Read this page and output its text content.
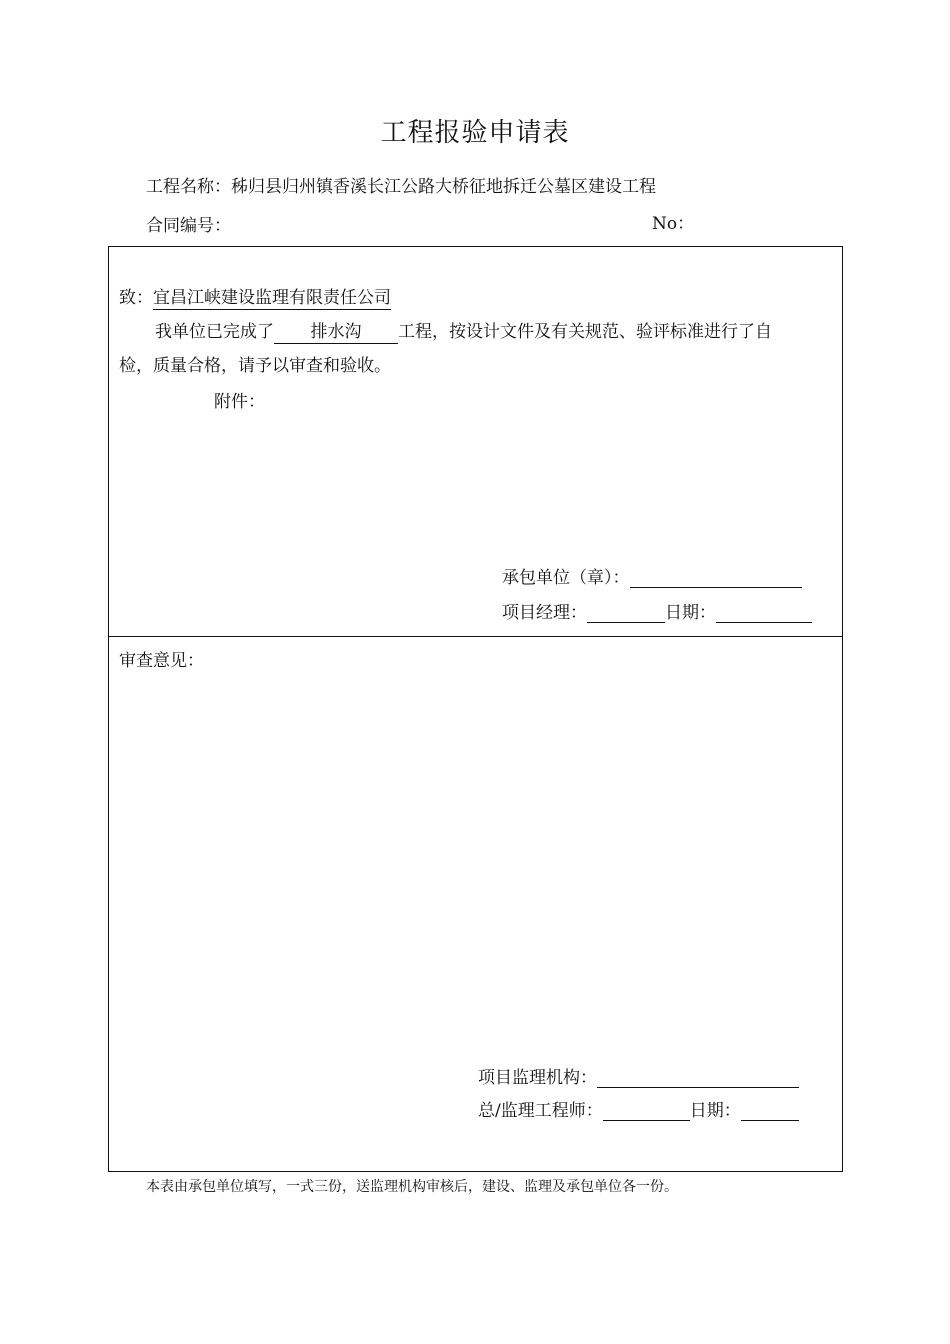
工程报验申请表
工程名称：秭归县归州镇香溪长江公路大桥征地拆迁公墓区建设工程
合同编号：	No：
致：宜昌江峡建设监理有限责任公司
我单位已完成了 排水沟 工程，按设计文件及有关规范、验评标准进行了自
检，质量合格，请予以审查和验收。
附件：
承包单位（章）：
项目经理：	日期：
审查意见：
项目监理机构：
总/监理工程师：	日期：
本表由承包单位填写，一式三份，送监理机构审核后，建设、监理及承包单位各一份。
